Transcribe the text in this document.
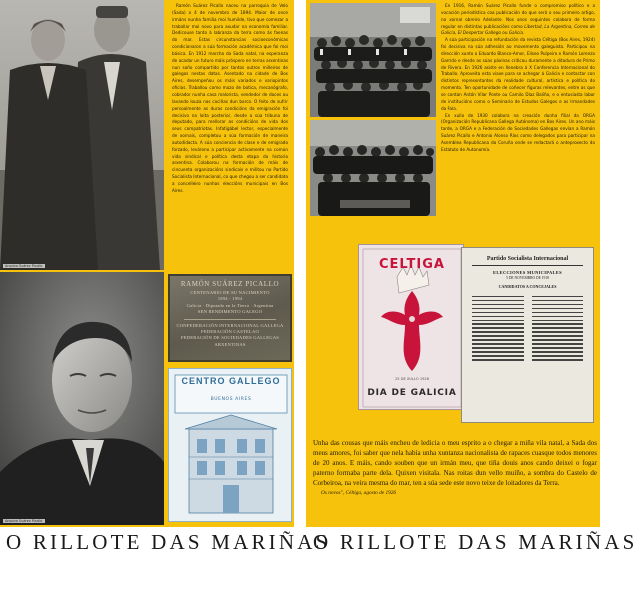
Arquivo Suárez Picallo

Ramón Suárez Picallo naceu na parroquia de Velo (Sada) o 4 de novembro de 1894. Maior de once irmáns nunha familia moi humilde, tivo que comezar a traballar moi novo para axudar na economía familiar. Dedicouse tanto á labranza da terra como ás faenas do mar. Estas circunstancias socioeconómicas condicionaron a súa formación académica que foi moi básica. En 1912 marcha da Sada natal, na esperanza de acadar un futuro máis próspero en terras arxentinas nun soño compartido por tantos outros milleiros de galegos nestas datas. Asentado na cidade de Bos Aires, desempeñou os máis variados e variopintos oficios. Traballou como mozo de botica, mecanógrafo, cobrador nunha casa malorista, vendedor de doces ou lavando louza nas cociñas dun barco. O feito de sufrir persoalmente as duras condicións da emigración foi decisivo na loita posterior, desde a súa tribuna de deputado, para mellorar as condicións de vida dos seus compatriotas. Infatigábel lector, especialmente de xornais, completou a súa formación de maneira autodidacta. A súa conciencia de clase e de emigrado forzado, levárono a participar activamente na común vida sindical e política desta etapa da historia arxentina. Colaborou na formación de máis de cincuenta organizacións sindicais e militou no Partido Socialista Internacional, co que chegou a ser candidato a concelleiro nunhas eleccións municipais en Bos Aires.

Arquivo Suárez Picallo
RAMÓN SUÁREZ PICALLO
CENTENARIO DE SU NACIMIENTO
1894 - 1994
Galicia · Diputado en la Tierra · Argentina
SEN RENDIMENTO GALEGO
CONFEDERACIÓN INTERNACIONAL GALLEGA
FEDERACIÓN CASTELAO
FEDERACIÓN DE SOCIEDADES GALLEGAS ARXENTINAS
CENTRO GALLEGO
BUENOS AIRES

En 1916, Ramón Suárez Picallo funde o compromiso político e a vocación periodística coa publicación do que será o seu primeiro artigo, no xornal obreiro Adelante. Nos anos seguintes colabora de forma regular en distintas publicacións como Libertad, La Argentina, Correo de Galicia, El Despertar Gallego ou Galicia.

A súa participación na refundación da revista Céltiga (Bos Aires, 1924) foi decisiva na súa adhesión ao movemento galeguista. Participou na dirección xunto a Eduardo Blanco-Amor, Eliseo Pulpeiro e Ramón Lorenzo Garrido e desde as súas páxinas criticou duramente a ditadura de Primo de Rivera. En 1926 asiste en Xenebra á X Conferencia Internacional do Traballo. Aproveita esta viaxe para se achegar á Galicia e contactar con distintos representantes da realidade cultural, artística e política do momento. Ten oportunidade de coñecer figuras relevantes, entre as que se contan Antón Vilar Ponte ou Camilo Díaz Baliño, e o entusiasta labor de institucións como o Seminario de Estudos Galegos e as Irmandades da Fala.

En xullo de 1930 colabora na creación dunha filial da ORGA (Organización Republicana Gallega Autónoma) en Bos Aires. Un ano máis tarde, a ORGA e a Federación de Sociedades Gallegas envían a Ramón Suárez Picallo e Antonio Alonso Ríos como delegados para participar na Asemblea Republicana da Coruña onde se redactará o anteproxecto do Estatuto de Autonomía.

CELTIGA
25 DE XULLO 1926
DIA DE GALICIA
Partido Socialista Internacional
ELECCIONES MUNICIPALES
5 DE NOVEMBRO DE 1918
CANDIDATOS A CONCEJALES

Unha das cousas que máis encheu de ledicia o meu esprito a o chegar a miña vila natal, a Sada dos meus amores, foi saber que nela había unha xuntanza nacionalista de rapaces cuasque todos menores de 20 anos. E máis, cando souben que un irmán meu, que tiña douis anos cando deixei o fogar paterno formaba parte dela. Quixen visitala. Nas roitas dun vello muíño, a sombra do Castelo de Corbeiroa, na veira mesma do mar, ten a súa sede este novo teixe de loitadores da Terra.

Os novos", Céltiga, agosto de 1926
O RILLOTE DAS MARIÑAS
O RILLOTE DAS MARIÑAS
